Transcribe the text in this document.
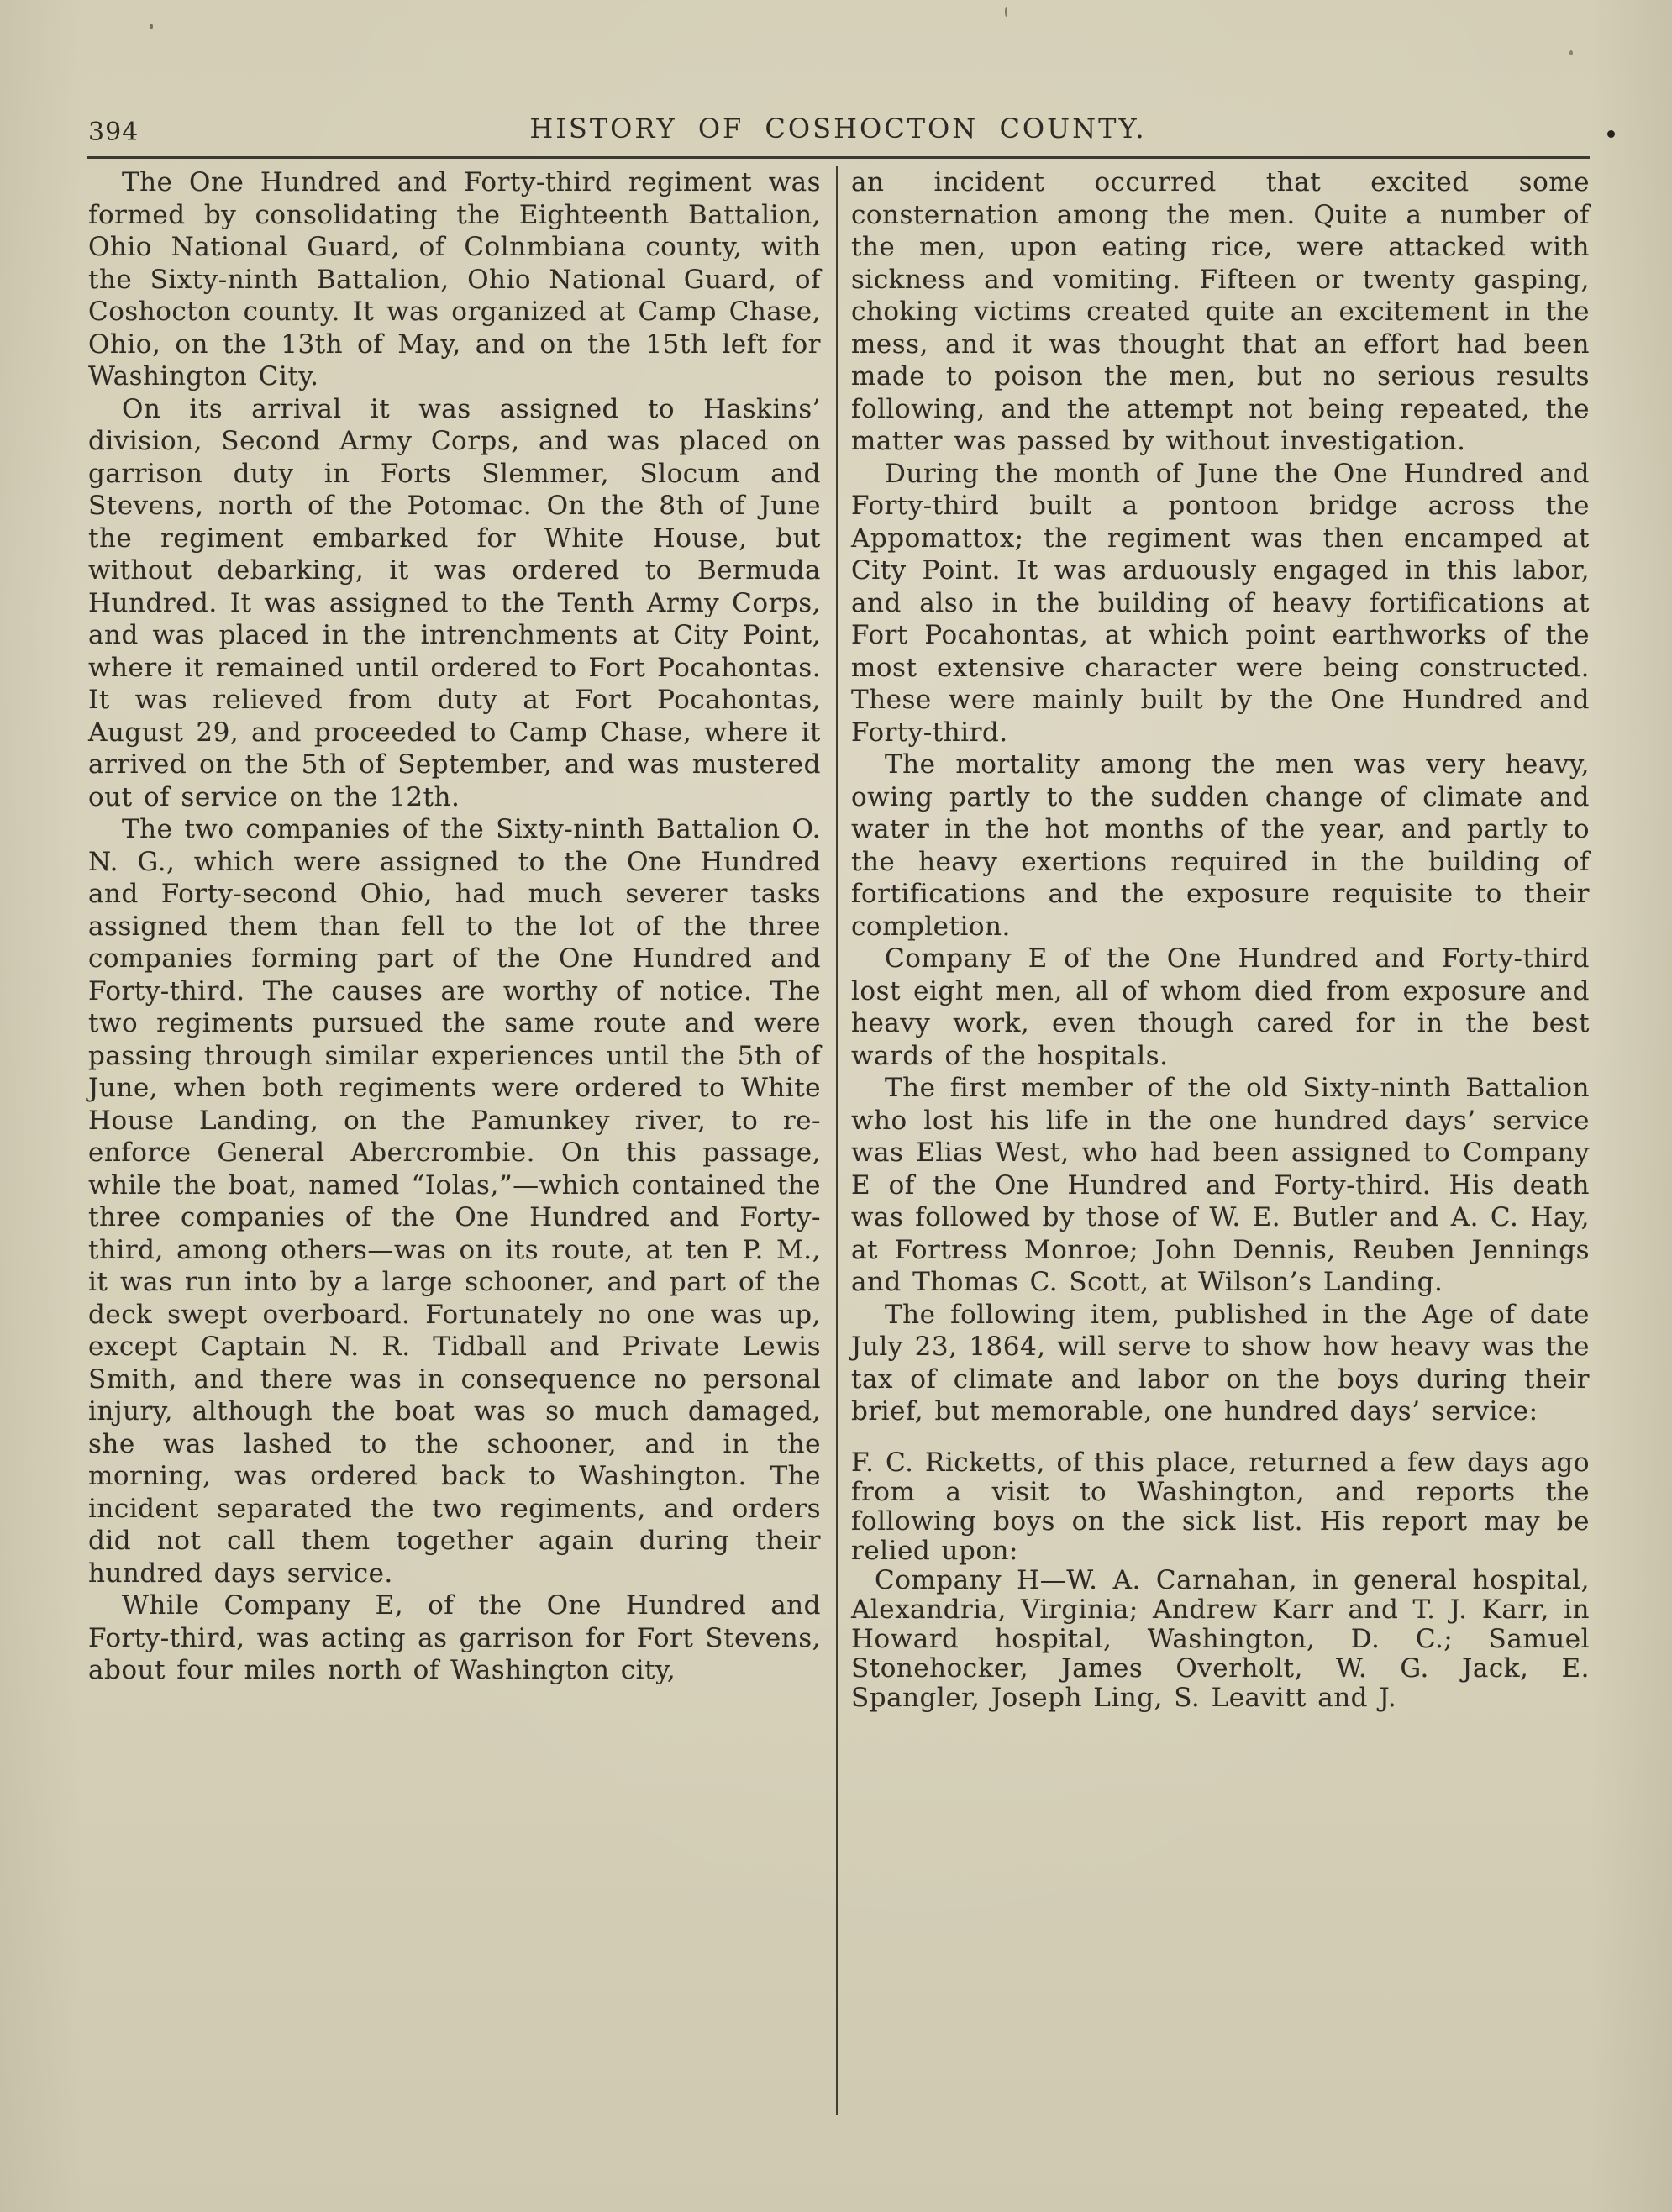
394	HISTORY OF COSHOCTON COUNTY.

The One Hundred and Forty-third regiment was formed by consolidating the Eighteenth Battalion, Ohio National Guard, of Colnmbiana county, with the Sixty-ninth Battalion, Ohio National Guard, of Coshocton county. It was organized at Camp Chase, Ohio, on the 13th of May, and on the 15th left for Washington City.

On its arrival it was assigned to Haskins’ division, Second Army Corps, and was placed on garrison duty in Forts Slemmer, Slocum and Stevens, north of the Potomac. On the 8th of June the regiment embarked for White House, but without debarking, it was ordered to Bermuda Hundred. It was assigned to the Tenth Army Corps, and was placed in the intrenchments at City Point, where it remained until ordered to Fort Pocahontas. It was relieved from duty at Fort Pocahontas, August 29, and proceeded to Camp Chase, where it arrived on the 5th of September, and was mustered out of service on the 12th.

The two companies of the Sixty-ninth Battalion O. N. G., which were assigned to the One Hundred and Forty-second Ohio, had much severer tasks assigned them than fell to the lot of the three companies forming part of the One Hundred and Forty-third. The causes are worthy of notice. The two regiments pursued the same route and were passing through similar experiences until the 5th of June, when both regiments were ordered to White House Landing, on the Pamunkey river, to re-enforce General Abercrombie. On this passage, while the boat, named “Iolas,”—which contained the three companies of the One Hundred and Forty-third, among others—was on its route, at ten P. M., it was run into by a large schooner, and part of the deck swept overboard. Fortunately no one was up, except Captain N. R. Tidball and Private Lewis Smith, and there was in consequence no personal injury, although the boat was so much damaged, she was lashed to the schooner, and in the morning, was ordered back to Washington. The incident separated the two regiments, and orders did not call them together again during their hundred days service.

While Company E, of the One Hundred and Forty-third, was acting as garrison for Fort Stevens, about four miles north of Washington city,

an incident occurred that excited some consternation among the men. Quite a number of the men, upon eating rice, were attacked with sickness and vomiting. Fifteen or twenty gasping, choking victims created quite an excitement in the mess, and it was thought that an effort had been made to poison the men, but no serious results following, and the attempt not being repeated, the matter was passed by without investigation.

During the month of June the One Hundred and Forty-third built a pontoon bridge across the Appomattox; the regiment was then encamped at City Point. It was arduously engaged in this labor, and also in the building of heavy fortifications at Fort Pocahontas, at which point earthworks of the most extensive character were being constructed. These were mainly built by the One Hundred and Forty-third.

The mortality among the men was very heavy, owing partly to the sudden change of climate and water in the hot months of the year, and partly to the heavy exertions required in the building of fortifications and the exposure requisite to their completion.

Company E of the One Hundred and Forty-third lost eight men, all of whom died from exposure and heavy work, even though cared for in the best wards of the hospitals.

The first member of the old Sixty-ninth Battalion who lost his life in the one hundred days’ service was Elias West, who had been assigned to Company E of the One Hundred and Forty-third. His death was followed by those of W. E. Butler and A. C. Hay, at Fortress Monroe; John Dennis, Reuben Jennings and Thomas C. Scott, at Wilson’s Landing.

The following item, published in the Age of date July 23, 1864, will serve to show how heavy was the tax of climate and labor on the boys during their brief, but memorable, one hundred days’ service:

F. C. Ricketts, of this place, returned a few days ago from a visit to Washington, and reports the following boys on the sick list. His report may be relied upon:

Company H—W. A. Carnahan, in general hospital, Alexandria, Virginia; Andrew Karr and T. J. Karr, in Howard hospital, Washington, D. C.; Samuel Stonehocker, James Overholt, W. G. Jack, E. Spangler, Joseph Ling, S. Leavitt and J.
